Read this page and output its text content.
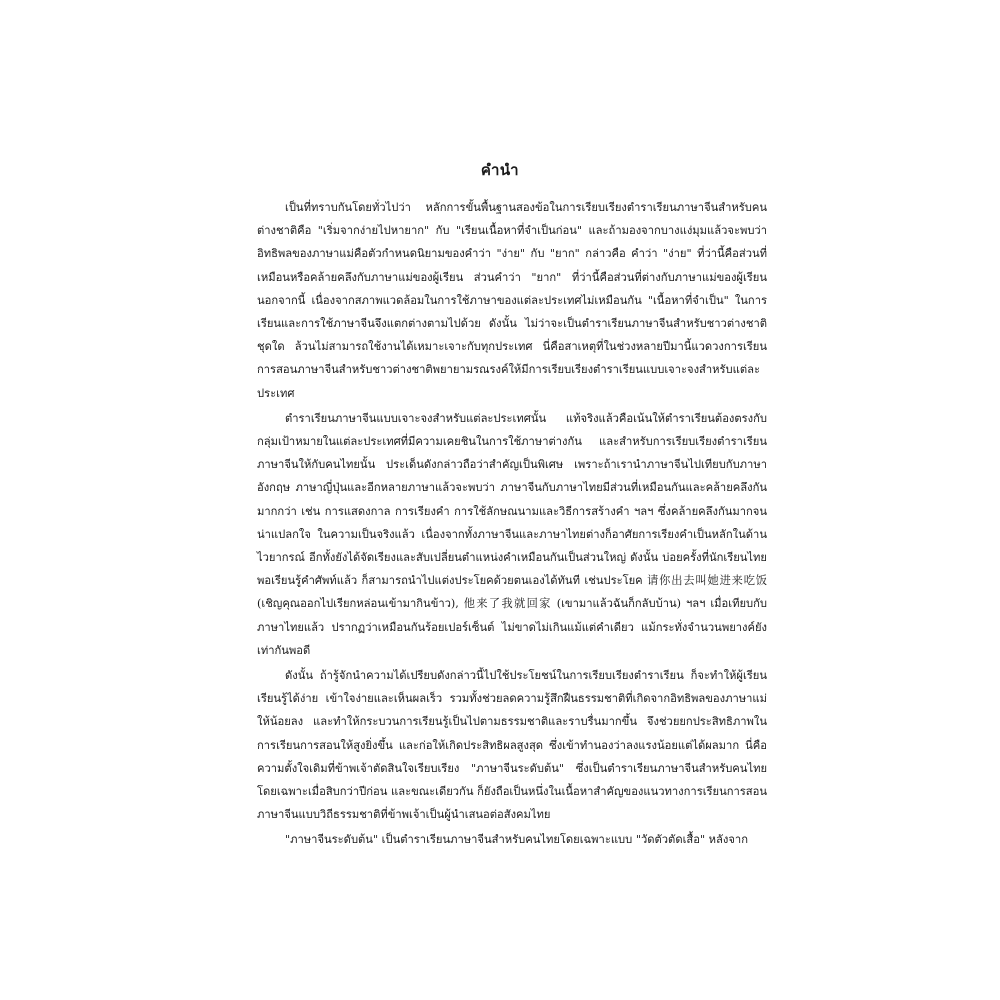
คำนำ

เป็นที่ทราบกันโดยทั่วไปว่า หลักการขั้นพื้นฐานสองข้อในการเรียบเรียงตำราเรียนภาษาจีนสำหรับคนต่างชาติคือ "เริ่มจากง่ายไปหายาก" กับ "เรียนเนื้อหาที่จำเป็นก่อน" และถ้ามองจากบางแง่มุมแล้วจะพบว่าอิทธิพลของภาษาแม่คือตัวกำหนดนิยามของคำว่า "ง่าย" กับ "ยาก" กล่าวคือ คำว่า "ง่าย" ที่ว่านี้คือส่วนที่เหมือนหรือคล้ายคลึงกับภาษาแม่ของผู้เรียน ส่วนคำว่า "ยาก" ที่ว่านี้คือส่วนที่ต่างกับภาษาแม่ของผู้เรียน นอกจากนี้ เนื่องจากสภาพแวดล้อมในการใช้ภาษาของแต่ละประเทศไม่เหมือนกัน "เนื้อหาที่จำเป็น" ในการเรียนและการใช้ภาษาจีนจึงแตกต่างตามไปด้วย ดังนั้น ไม่ว่าจะเป็นตำราเรียนภาษาจีนสำหรับชาวต่างชาติชุดใด ล้วนไม่สามารถใช้งานได้เหมาะเจาะกับทุกประเทศ นี่คือสาเหตุที่ในช่วงหลายปีมานี้แวดวงการเรียนการสอนภาษาจีนสำหรับชาวต่างชาติพยายามรณรงค์ให้มีการเรียบเรียงตำราเรียนแบบเจาะจงสำหรับแต่ละประเทศ

ตำราเรียนภาษาจีนแบบเจาะจงสำหรับแต่ละประเทศนั้น แท้จริงแล้วคือเน้นให้ตำราเรียนต้องตรงกับกลุ่มเป้าหมายในแต่ละประเทศที่มีความเคยชินในการใช้ภาษาต่างกัน และสำหรับการเรียบเรียงตำราเรียนภาษาจีนให้กับคนไทยนั้น ประเด็นดังกล่าวถือว่าสำคัญเป็นพิเศษ เพราะถ้าเรานำภาษาจีนไปเทียบกับภาษาอังกฤษ ภาษาญี่ปุ่นและอีกหลายภาษาแล้วจะพบว่า ภาษาจีนกับภาษาไทยมีส่วนที่เหมือนกันและคล้ายคลึงกันมากกว่า เช่น การแสดงกาล การเรียงคำ การใช้ลักษณนามและวิธีการสร้างคำ ฯลฯ ซึ่งคล้ายคลึงกันมากจนน่าแปลกใจ ในความเป็นจริงแล้ว เนื่องจากทั้งภาษาจีนและภาษาไทยต่างก็อาศัยการเรียงคำเป็นหลักในด้านไวยากรณ์ อีกทั้งยังได้จัดเรียงและสับเปลี่ยนตำแหน่งคำเหมือนกันเป็นส่วนใหญ่ ดังนั้น บ่อยครั้งที่นักเรียนไทยพอเรียนรู้คำศัพท์แล้ว ก็สามารถนำไปแต่งประโยคด้วยตนเองได้ทันที เช่นประโยค 请你出去叫她进来吃饭 (เชิญคุณออกไปเรียกหล่อนเข้ามากินข้าว), 他来了我就回家 (เขามาแล้วฉันก็กลับบ้าน) ฯลฯ เมื่อเทียบกับภาษาไทยแล้ว ปรากฏว่าเหมือนกันร้อยเปอร์เซ็นต์ ไม่ขาดไม่เกินแม้แต่คำเดียว แม้กระทั่งจำนวนพยางค์ยังเท่ากันพอดี

ดังนั้น ถ้ารู้จักนำความได้เปรียบดังกล่าวนี้ไปใช้ประโยชน์ในการเรียบเรียงตำราเรียน ก็จะทำให้ผู้เรียนเรียนรู้ได้ง่าย เข้าใจง่ายและเห็นผลเร็ว รวมทั้งช่วยลดความรู้สึกฝืนธรรมชาติที่เกิดจากอิทธิพลของภาษาแม่ให้น้อยลง และทำให้กระบวนการเรียนรู้เป็นไปตามธรรมชาติและราบรื่นมากขึ้น จึงช่วยยกประสิทธิภาพในการเรียนการสอนให้สูงยิ่งขึ้น และก่อให้เกิดประสิทธิผลสูงสุด ซึ่งเข้าทำนองว่าลงแรงน้อยแต่ได้ผลมาก นี่คือความตั้งใจเดิมที่ข้าพเจ้าตัดสินใจเรียบเรียง "ภาษาจีนระดับต้น" ซึ่งเป็นตำราเรียนภาษาจีนสำหรับคนไทยโดยเฉพาะเมื่อสิบกว่าปีก่อน และขณะเดียวกัน ก็ยังถือเป็นหนึ่งในเนื้อหาสำคัญของแนวทางการเรียนการสอนภาษาจีนแบบวิถีธรรมชาติที่ข้าพเจ้าเป็นผู้นำเสนอต่อสังคมไทย

"ภาษาจีนระดับต้น" เป็นตำราเรียนภาษาจีนสำหรับคนไทยโดยเฉพาะแบบ "วัดตัวตัดเสื้อ" หลังจาก
